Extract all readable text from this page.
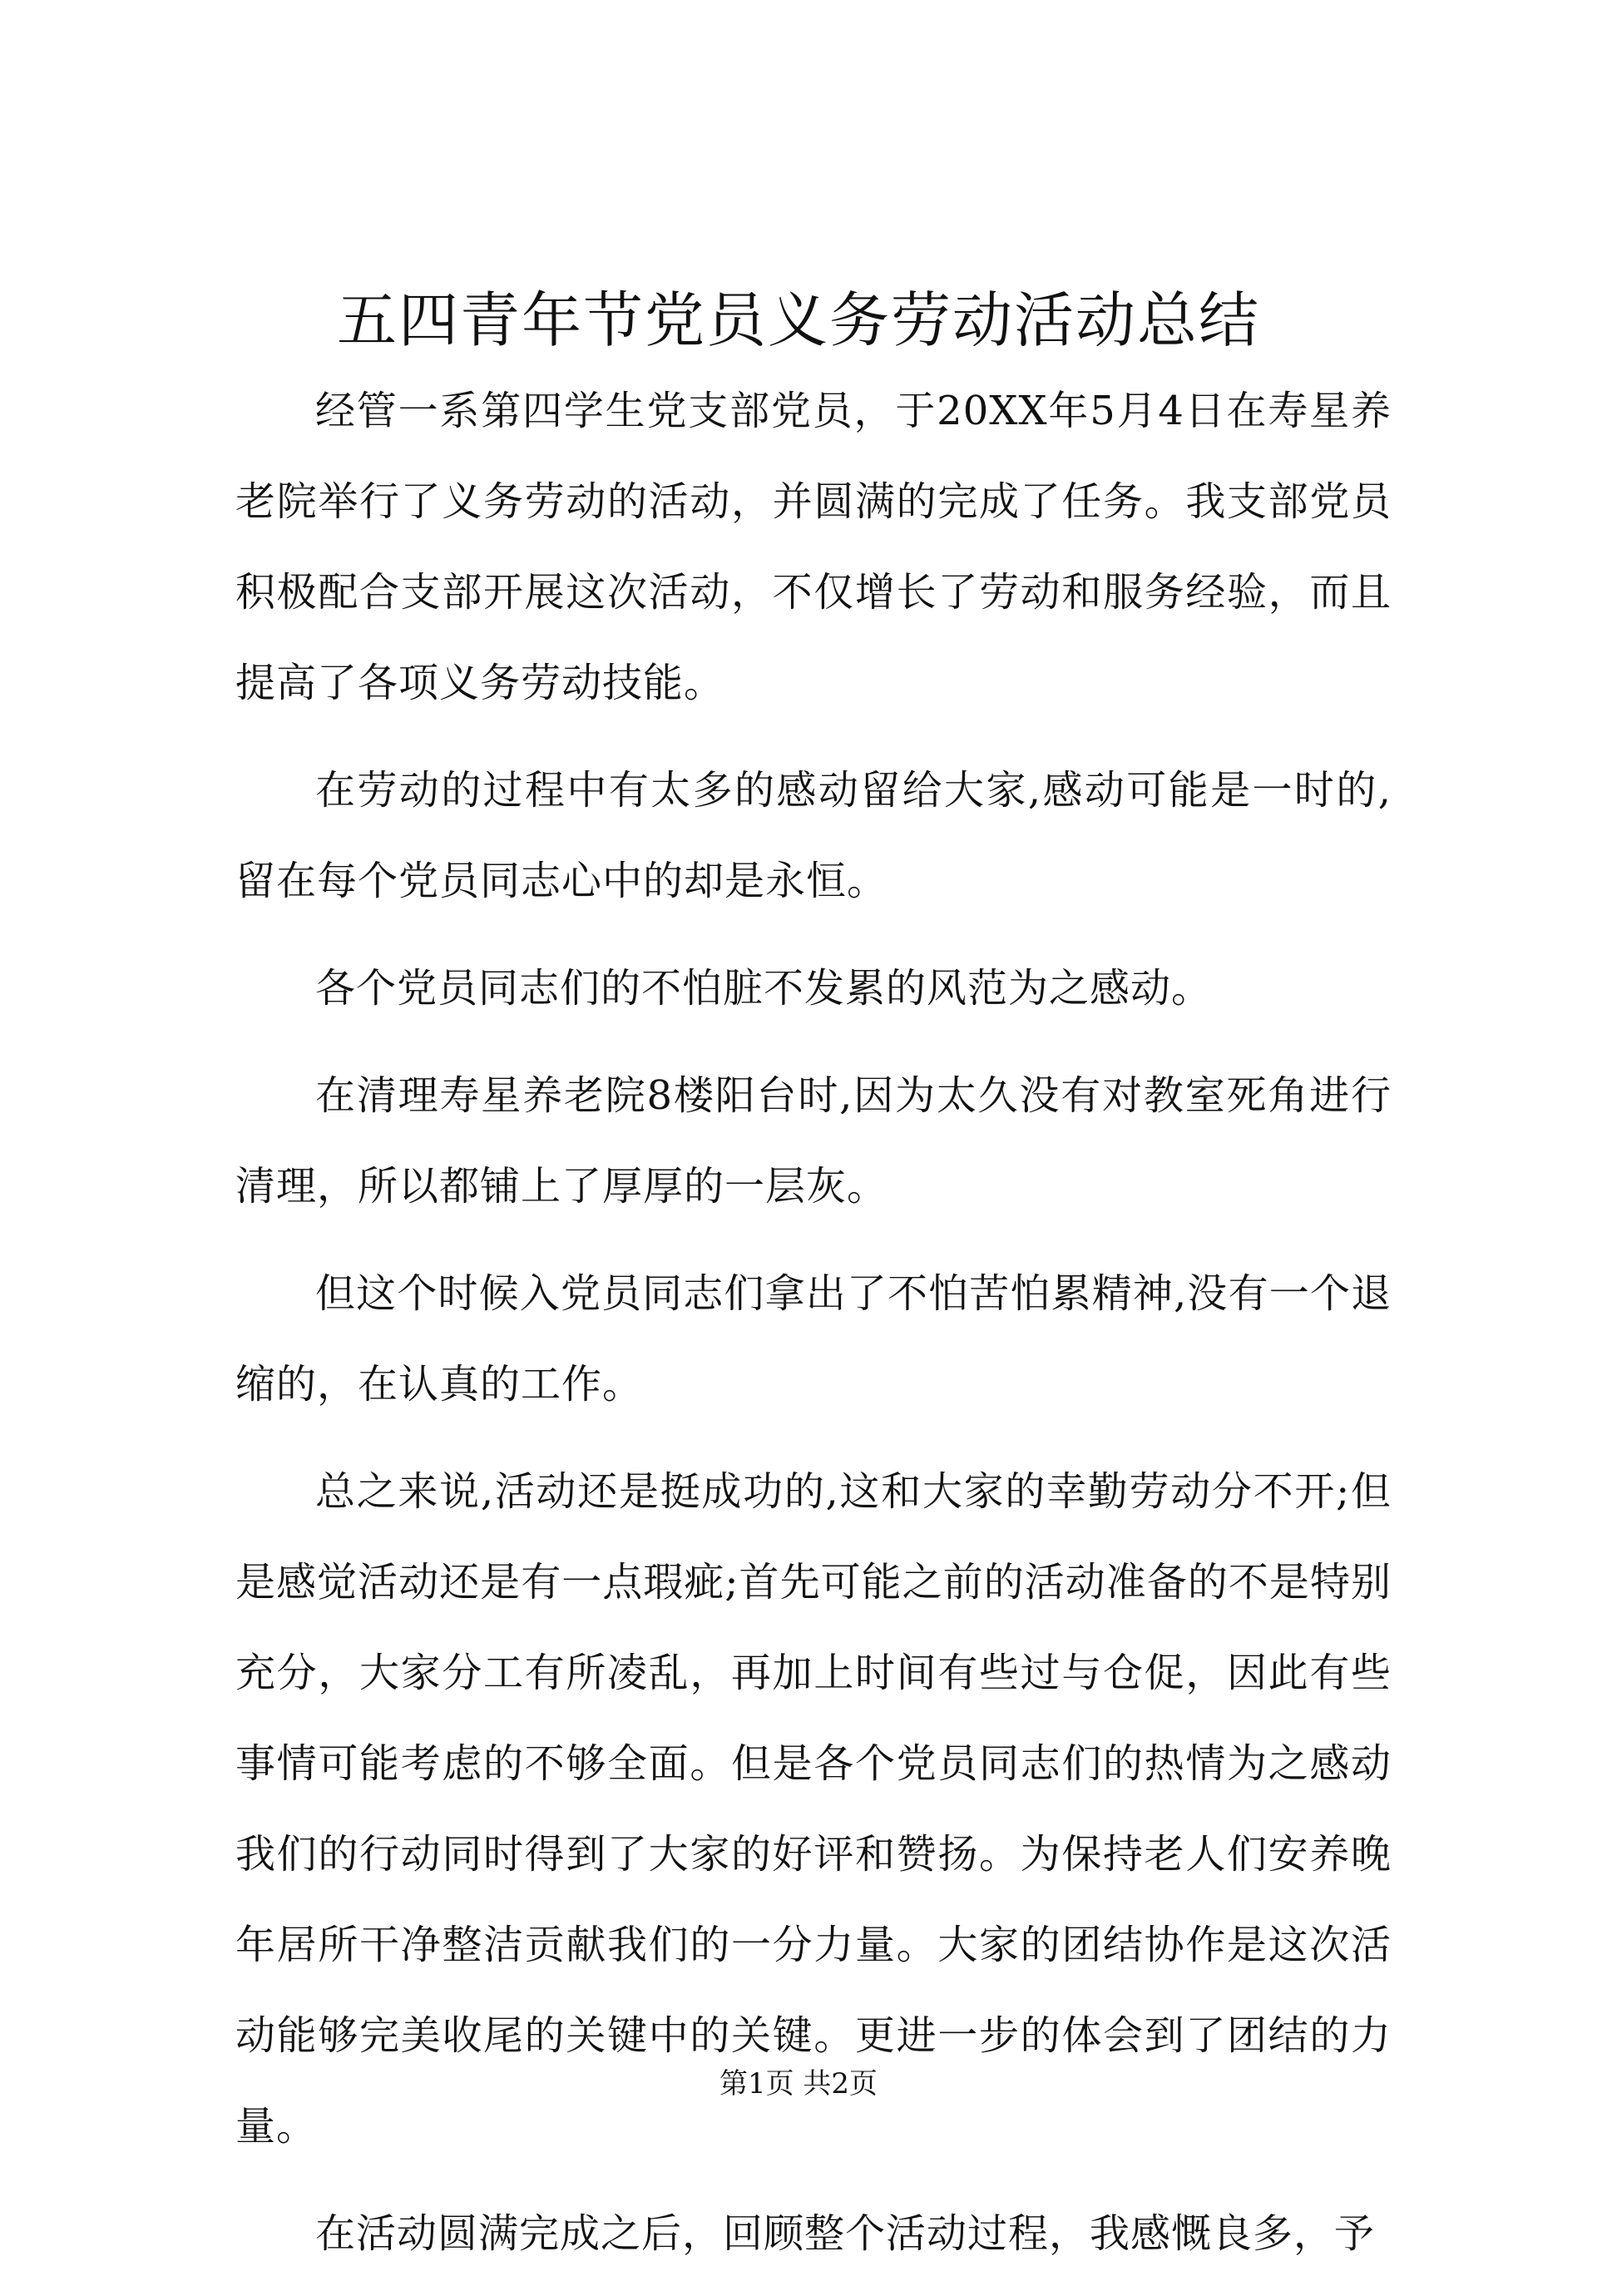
五四青年节党员义务劳动活动总结

经管一系第四学生党支部党员，于20XX年5月4日在寿星养老院举行了义务劳动的活动，并圆满的完成了任务。我支部党员积极配合支部开展这次活动，不仅增长了劳动和服务经验，而且提高了各项义务劳动技能。

在劳动的过程中有太多的感动留给大家,感动可能是一时的,留在每个党员同志心中的却是永恒。

各个党员同志们的不怕脏不发累的风范为之感动。

在清理寿星养老院8楼阳台时,因为太久没有对教室死角进行清理，所以都铺上了厚厚的一层灰。

但这个时候入党员同志们拿出了不怕苦怕累精神,没有一个退缩的，在认真的工作。

总之来说,活动还是挺成功的,这和大家的幸勤劳动分不开;但是感觉活动还是有一点瑕疵;首先可能之前的活动准备的不是特别充分，大家分工有所凌乱，再加上时间有些过与仓促，因此有些事情可能考虑的不够全面。但是各个党员同志们的热情为之感动我们的行动同时得到了大家的好评和赞扬。为保持老人们安养晚年居所干净整洁贡献我们的一分力量。大家的团结协作是这次活动能够完美收尾的关键中的关键。更进一步的体会到了团结的力量。

在活动圆满完成之后，回顾整个活动过程，我感慨良多，予

第1页 共2页
